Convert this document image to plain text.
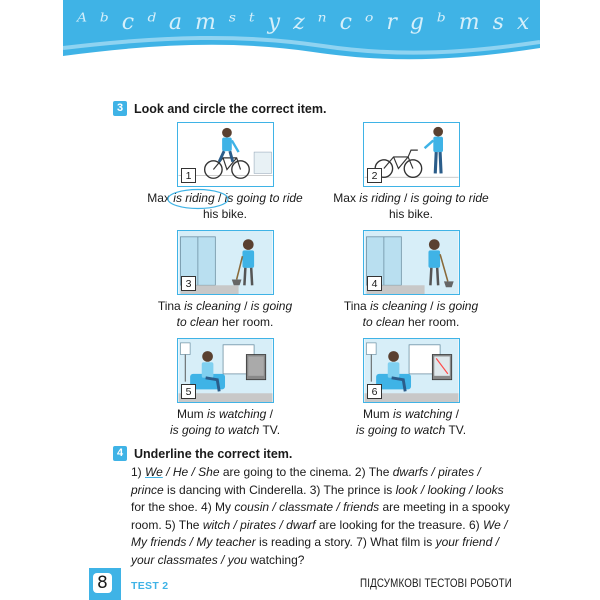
ᴬ ᵇ c ᵈ a ⅿ ˢ ᵗ y z ⁿ c ᵒ r g ᵇ m s x
3 Look and circle the correct item.
1
Max is riding
/ is going to ride
his bike.
2
Max is riding / is going to ride
his bike.
3
Tina is cleaning / is going
to clean her room.
4
Tina is cleaning / is going
to clean her room.
5
Mum is watching /
is going to watch TV.
6
Mum is watching /
is going to watch TV.
4 Underline the correct item.
1) We / He / She are going to the cinema. 2) The dwarfs / pirates / prince is dancing with Cinderella. 3) The prince is look / looking / looks for the shoe. 4) My cousin / classmate / friends are meeting in a spooky room. 5) The witch / pirates / dwarf are looking for the treasure. 6) We / My friends / My teacher is reading a story. 7) What film is your friend / your classmates / you watching?
8	TEST 2	ПІДСУМКОВІ ТЕСТОВІ РОБОТИ
